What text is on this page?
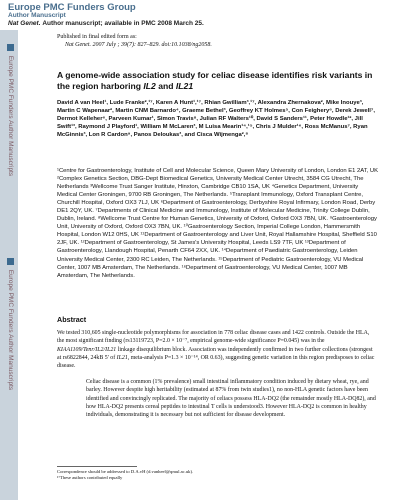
Europe PMC Funders Group
Author Manuscript
Nat Genet. Author manuscript; available in PMC 2008 March 25.
Europe PMC Funders Author Manuscripts
Europe PMC Funders Author Manuscripts
Published in final edited form as:
Nat Genet. 2007 July ; 39(7): 827–829. doi:10.1038/ng2058.
A genome-wide association study for celiac disease identifies risk variants in the region harboring IL2 and IL21
David A van Heel¹, Lude Franke²,¹⁷, Karen A Hunt¹,¹⁷, Rhian Gwilliam³,¹⁷, Alexandra Zhernakova², Mike Inouye³, Martin C Wapenaar², Martin CNM Barnardo⁴, Graeme Bethel³, Geoffrey KT Holmes⁵, Con Feighery⁶, Derek Jewell⁷, Dermot Kelleher⁶, Parveen Kumar¹, Simon Travis⁸, Julian RF Walters¹⁰, David S Sanders¹¹, Peter Howdle¹², Jill Swift¹³, Raymond J Playford¹, William M McLaren³, M Luisa Mearin¹⁴,¹⁵, Chris J Mulder¹⁶, Ross McManus⁷, Ryan McGinnis³, Lon R Cardon⁹, Panos Deloukas³, and Cisca Wijmenga²,⁸
¹Centre for Gastroenterology, Institute of Cell and Molecular Science, Queen Mary University of London, London E1 2AT, UK ²Complex Genetics Section, DBG-Dept Biomedical Genetics, University Medical Center Utrecht, 3584 CG Utrecht, The Netherlands ³Wellcome Trust Sanger Institute, Hinxton, Cambridge CB10 1SA, UK ⁴Genetics Department, University Medical Center Groningen, 9700 RB Groningen, The Netherlands. ⁵Transplant Immunology, Oxford Transplant Centre, Churchill Hospital, Oxford OX3 7LJ, UK ⁶Department of Gastroenterology, Derbyshire Royal Infirmary, London Road, Derby DE1 2QY, UK. ⁷Departments of Clinical Medicine and Immunology, Institute of Molecular Medicine, Trinity College Dublin, Dublin, Ireland. ⁸Wellcome Trust Centre for Human Genetics, University of Oxford, Oxford OX3 7BN, UK. ⁹Gastroenterology Unit, University of Oxford, Oxford OX3 7BN, UK. ¹⁰Gastroenterology Section, Imperial College London, Hammersmith Hospital, London W12 0HS, UK ¹¹Department of Gastroenterology and Liver Unit, Royal Hallamshire Hospital, Sheffield S10 2JF, UK. ¹²Department of Gastroenterology, St James's University Hospital, Leeds LS9 7TF, UK ¹³Department of Gastroenterology, Llandough Hospital, Penarth CF64 2XX, UK. ¹⁴Department of Paediatric Gastroenterology, Leiden University Medical Center, 2300 RC Leiden, The Netherlands. ¹⁵Department of Pediatric Gastroenterology, VU Medical Center, 1007 MB Amsterdam, The Netherlands. ¹⁶Department of Gastroenterology, VU Medical Center, 1007 MB Amsterdam, The Netherlands.
Abstract
We tested 310,605 single-nucleotide polymorphisms for association in 778 celiac disease cases and 1422 controls. Outside the HLA, the most significant finding (rs13119723, P=2.0 × 10⁻⁷, empirical genome-wide significance P=0.045) was in the KIAA1109/Tenr/IL2/IL21 linkage disequilibrium block. Association was independently confirmed in two further collections (strongest at rs6822844, 24kB 5' of IL21, meta-analysis P=1.3 × 10⁻¹⁴, OR 0.63), suggesting genetic variation in this region predisposes to celiac disease.
Celiac disease is a common (1% prevalence) small intestinal inflammatory condition induced by dietary wheat, rye, and barley. However despite high heritability (estimated at 87% from twin studies1), no non-HLA genetic factors have been identified and convincingly replicated. The majority of celiacs possess HLA-DQ2 (the remainder mostly HLA-DQ82), and how HLA-DQ2 presents cereal peptides to intestinal T cells is understood3. However HLA-DQ2 is common in healthy individuals, demonstrating it is necessary but not sufficient for disease development.
Correspondence should be addressed to D.A.vH (d.vanheel@qmul.ac.uk).
¹⁷These authors contributed equally
